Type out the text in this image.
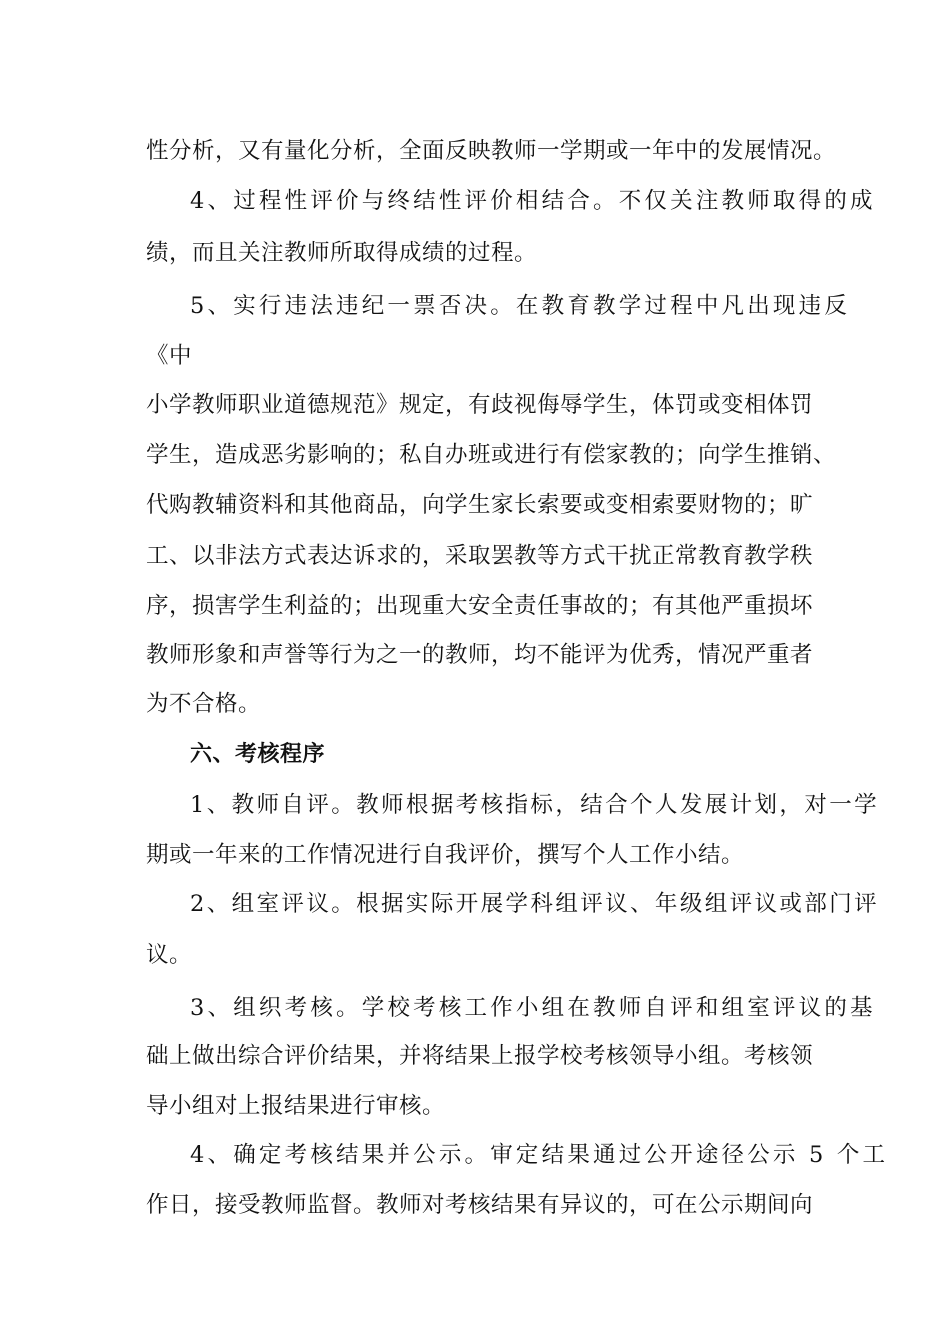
性分析，又有量化分析，全面反映教师一学期或一年中的发展情况。
4、过程性评价与终结性评价相结合。不仅关注教师取得的成
绩，而且关注教师所取得成绩的过程。
5、实行违法违纪一票否决。在教育教学过程中凡出现违反
《中
小学教师职业道德规范》规定，有歧视侮辱学生，体罚或变相体罚
学生，造成恶劣影响的；私自办班或进行有偿家教的；向学生推销、
代购教辅资料和其他商品，向学生家长索要或变相索要财物的；旷
工、以非法方式表达诉求的，采取罢教等方式干扰正常教育教学秩
序，损害学生利益的；出现重大安全责任事故的；有其他严重损坏
教师形象和声誉等行为之一的教师，均不能评为优秀，情况严重者
为不合格。
六、考核程序
1、教师自评。教师根据考核指标，结合个人发展计划，对一学
期或一年来的工作情况进行自我评价，撰写个人工作小结。
2、组室评议。根据实际开展学科组评议、年级组评议或部门评
议。
3、组织考核。学校考核工作小组在教师自评和组室评议的基
础上做出综合评价结果，并将结果上报学校考核领导小组。考核领
导小组对上报结果进行审核。
4、确定考核结果并公示。审定结果通过公开途径公示 5 个工
作日，接受教师监督。教师对考核结果有异议的，可在公示期间向
